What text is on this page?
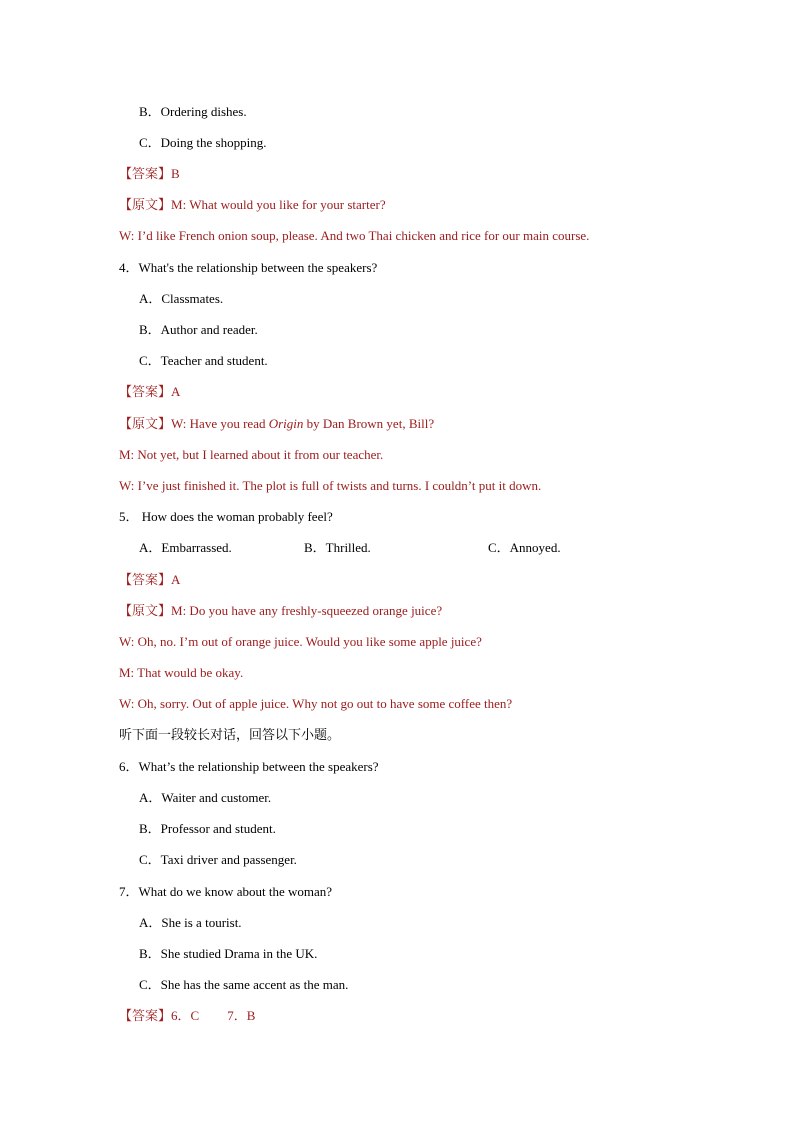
B．Ordering dishes.
C．Doing the shopping.
【答案】B
【原文】M: What would you like for your starter?
W: I’d like French onion soup, please. And two Thai chicken and rice for our main course.
4．What's the relationship between the speakers?
A．Classmates.
B．Author and reader.
C．Teacher and student.
【答案】A
【原文】W: Have you read Origin by Dan Brown yet, Bill?
M: Not yet, but I learned about it from our teacher.
W: I’ve just finished it. The plot is full of twists and turns. I couldn’t put it down.
5． How does the woman probably feel?
A．Embarrassed.	B．Thrilled.	C．Annoyed.
【答案】A
【原文】M: Do you have any freshly-squeezed orange juice?
W: Oh, no. I’m out of orange juice. Would you like some apple juice?
M: That would be okay.
W: Oh, sorry. Out of apple juice. Why not go out to have some coffee then?
听下面一段较长对话，回答以下小题。
6．What’s the relationship between the speakers?
A．Waiter and customer.
B．Professor and student.
C．Taxi driver and passenger.
7．What do we know about the woman?
A．She is a tourist.
B．She studied Drama in the UK.
C．She has the same accent as the man.
【答案】6．C 7．B
